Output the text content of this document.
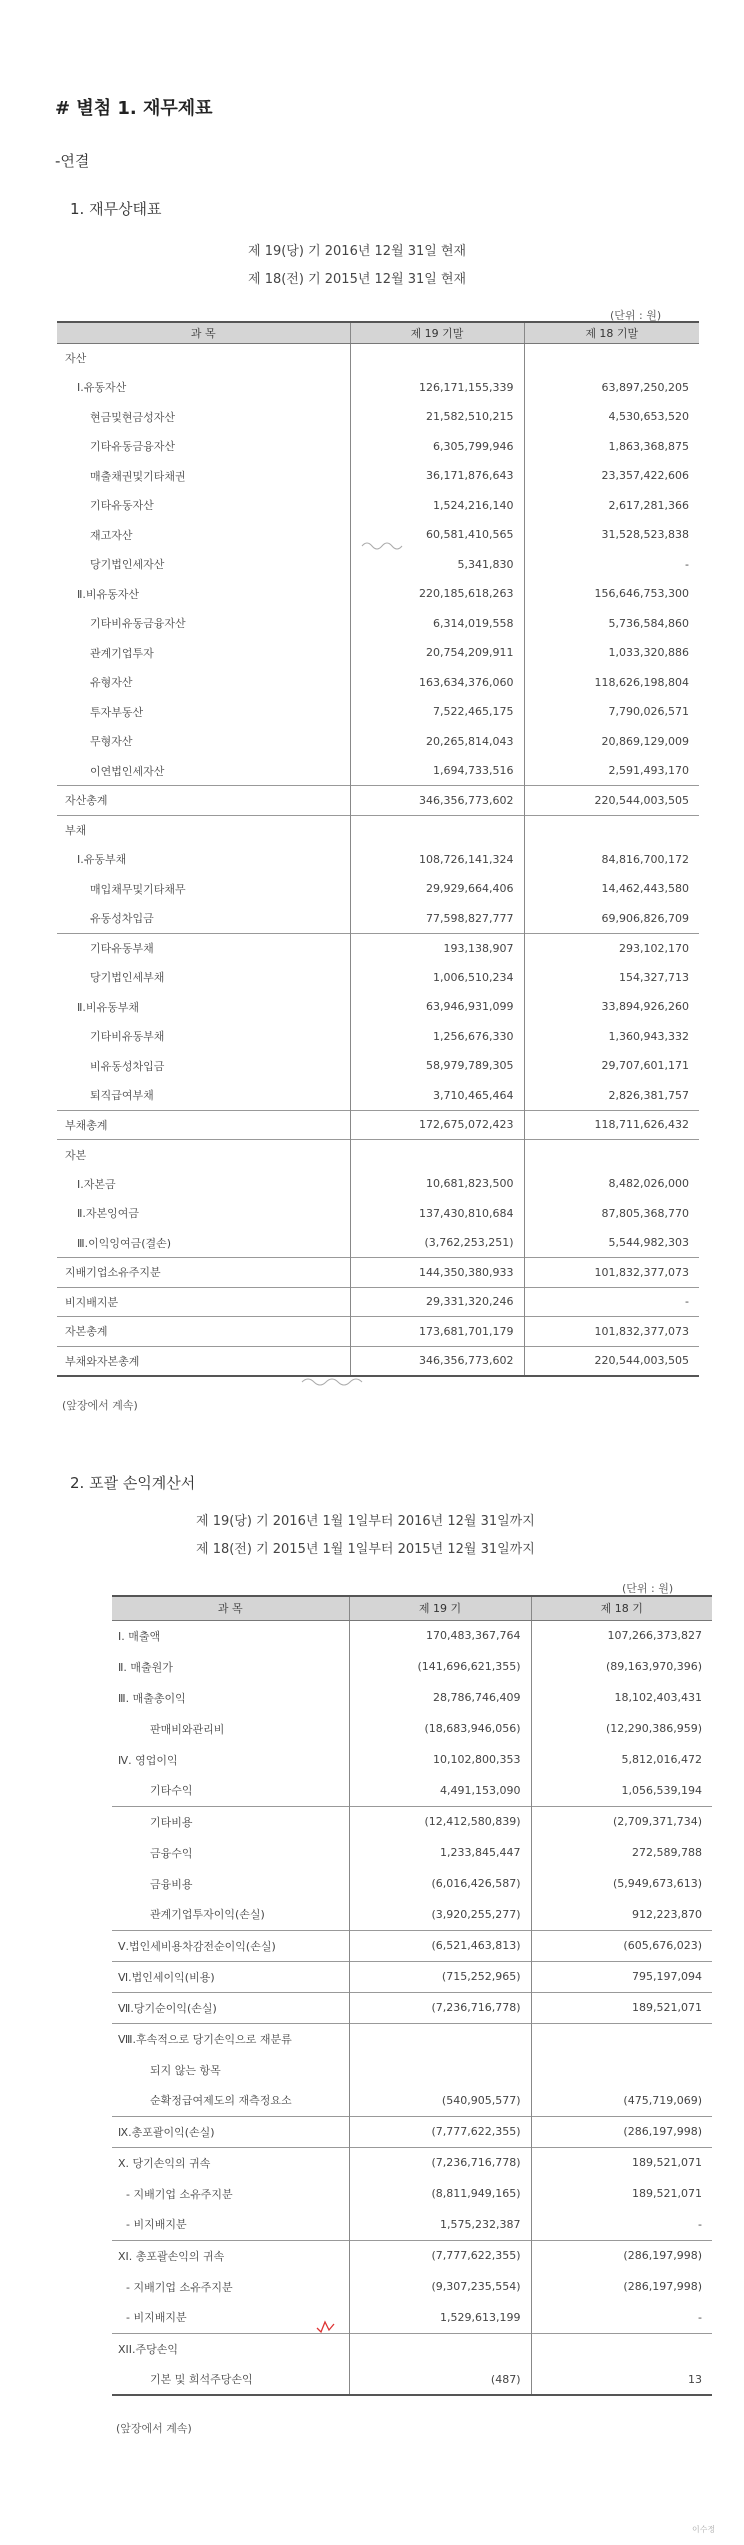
# 별첨 1. 재무제표
-연결
1. 재무상태표
제 19(당) 기 2016년 12월 31일 현재
제 18(전) 기 2015년 12월 31일 현재
(단위 : 원)
과 목	제 19 기말	제 18 기말
자산		
Ⅰ.유동자산	126,171,155,339	63,897,250,205
현금및현금성자산	21,582,510,215	4,530,653,520
기타유동금융자산	6,305,799,946	1,863,368,875
매출채권및기타채권	36,171,876,643	23,357,422,606
기타유동자산	1,524,216,140	2,617,281,366
재고자산	60,581,410,565	31,528,523,838
당기법인세자산	5,341,830	-
Ⅱ.비유동자산	220,185,618,263	156,646,753,300
기타비유동금융자산	6,314,019,558	5,736,584,860
관계기업투자	20,754,209,911	1,033,320,886
유형자산	163,634,376,060	118,626,198,804
투자부동산	7,522,465,175	7,790,026,571
무형자산	20,265,814,043	20,869,129,009
이연법인세자산	1,694,733,516	2,591,493,170
자산총계	346,356,773,602	220,544,003,505
부채		
Ⅰ.유동부채	108,726,141,324	84,816,700,172
매입채무및기타채무	29,929,664,406	14,462,443,580
유동성차입금	77,598,827,777	69,906,826,709
기타유동부채	193,138,907	293,102,170
당기법인세부채	1,006,510,234	154,327,713
Ⅱ.비유동부채	63,946,931,099	33,894,926,260
기타비유동부채	1,256,676,330	1,360,943,332
비유동성차입금	58,979,789,305	29,707,601,171
퇴직급여부채	3,710,465,464	2,826,381,757
부채총계	172,675,072,423	118,711,626,432
자본		
Ⅰ.자본금	10,681,823,500	8,482,026,000
Ⅱ.자본잉여금	137,430,810,684	87,805,368,770
Ⅲ.이익잉여금(결손)	(3,762,253,251)	5,544,982,303
지배기업소유주지분	144,350,380,933	101,832,377,073
비지배지분	29,331,320,246	-
자본총계	173,681,701,179	101,832,377,073
부채와자본총계	346,356,773,602	220,544,003,505
(앞장에서 계속)
2. 포괄 손익계산서
제 19(당) 기 2016년 1월 1일부터 2016년 12월 31일까지
제 18(전) 기 2015년 1월 1일부터 2015년 12월 31일까지
(단위 : 원)
과 목	제 19 기	제 18 기
Ⅰ. 매출액	170,483,367,764	107,266,373,827
Ⅱ. 매출원가	(141,696,621,355)	(89,163,970,396)
Ⅲ. 매출총이익	28,786,746,409	18,102,403,431
판매비와관리비	(18,683,946,056)	(12,290,386,959)
Ⅳ. 영업이익	10,102,800,353	5,812,016,472
기타수익	4,491,153,090	1,056,539,194
기타비용	(12,412,580,839)	(2,709,371,734)
금융수익	1,233,845,447	272,589,788
금융비용	(6,016,426,587)	(5,949,673,613)
관계기업투자이익(손실)	(3,920,255,277)	912,223,870
Ⅴ.법인세비용차감전순이익(손실)	(6,521,463,813)	(605,676,023)
Ⅵ.법인세이익(비용)	(715,252,965)	795,197,094
Ⅶ.당기순이익(손실)	(7,236,716,778)	189,521,071
Ⅷ.후속적으로 당기손익으로 재분류		
되지 않는 항목		
순확정급여제도의 재측정요소	(540,905,577)	(475,719,069)
Ⅸ.총포괄이익(손실)	(7,777,622,355)	(286,197,998)
X. 당기손익의 귀속	(7,236,716,778)	189,521,071
- 지배기업 소유주지분	(8,811,949,165)	189,521,071
- 비지배지분	1,575,232,387	-
XI. 총포괄손익의 귀속	(7,777,622,355)	(286,197,998)
- 지배기업 소유주지분	(9,307,235,554)	(286,197,998)
- 비지배지분	1,529,613,199	-
XII.주당손익		
기본 및 희석주당손익	(487)	13
(앞장에서 계속)
이수정
